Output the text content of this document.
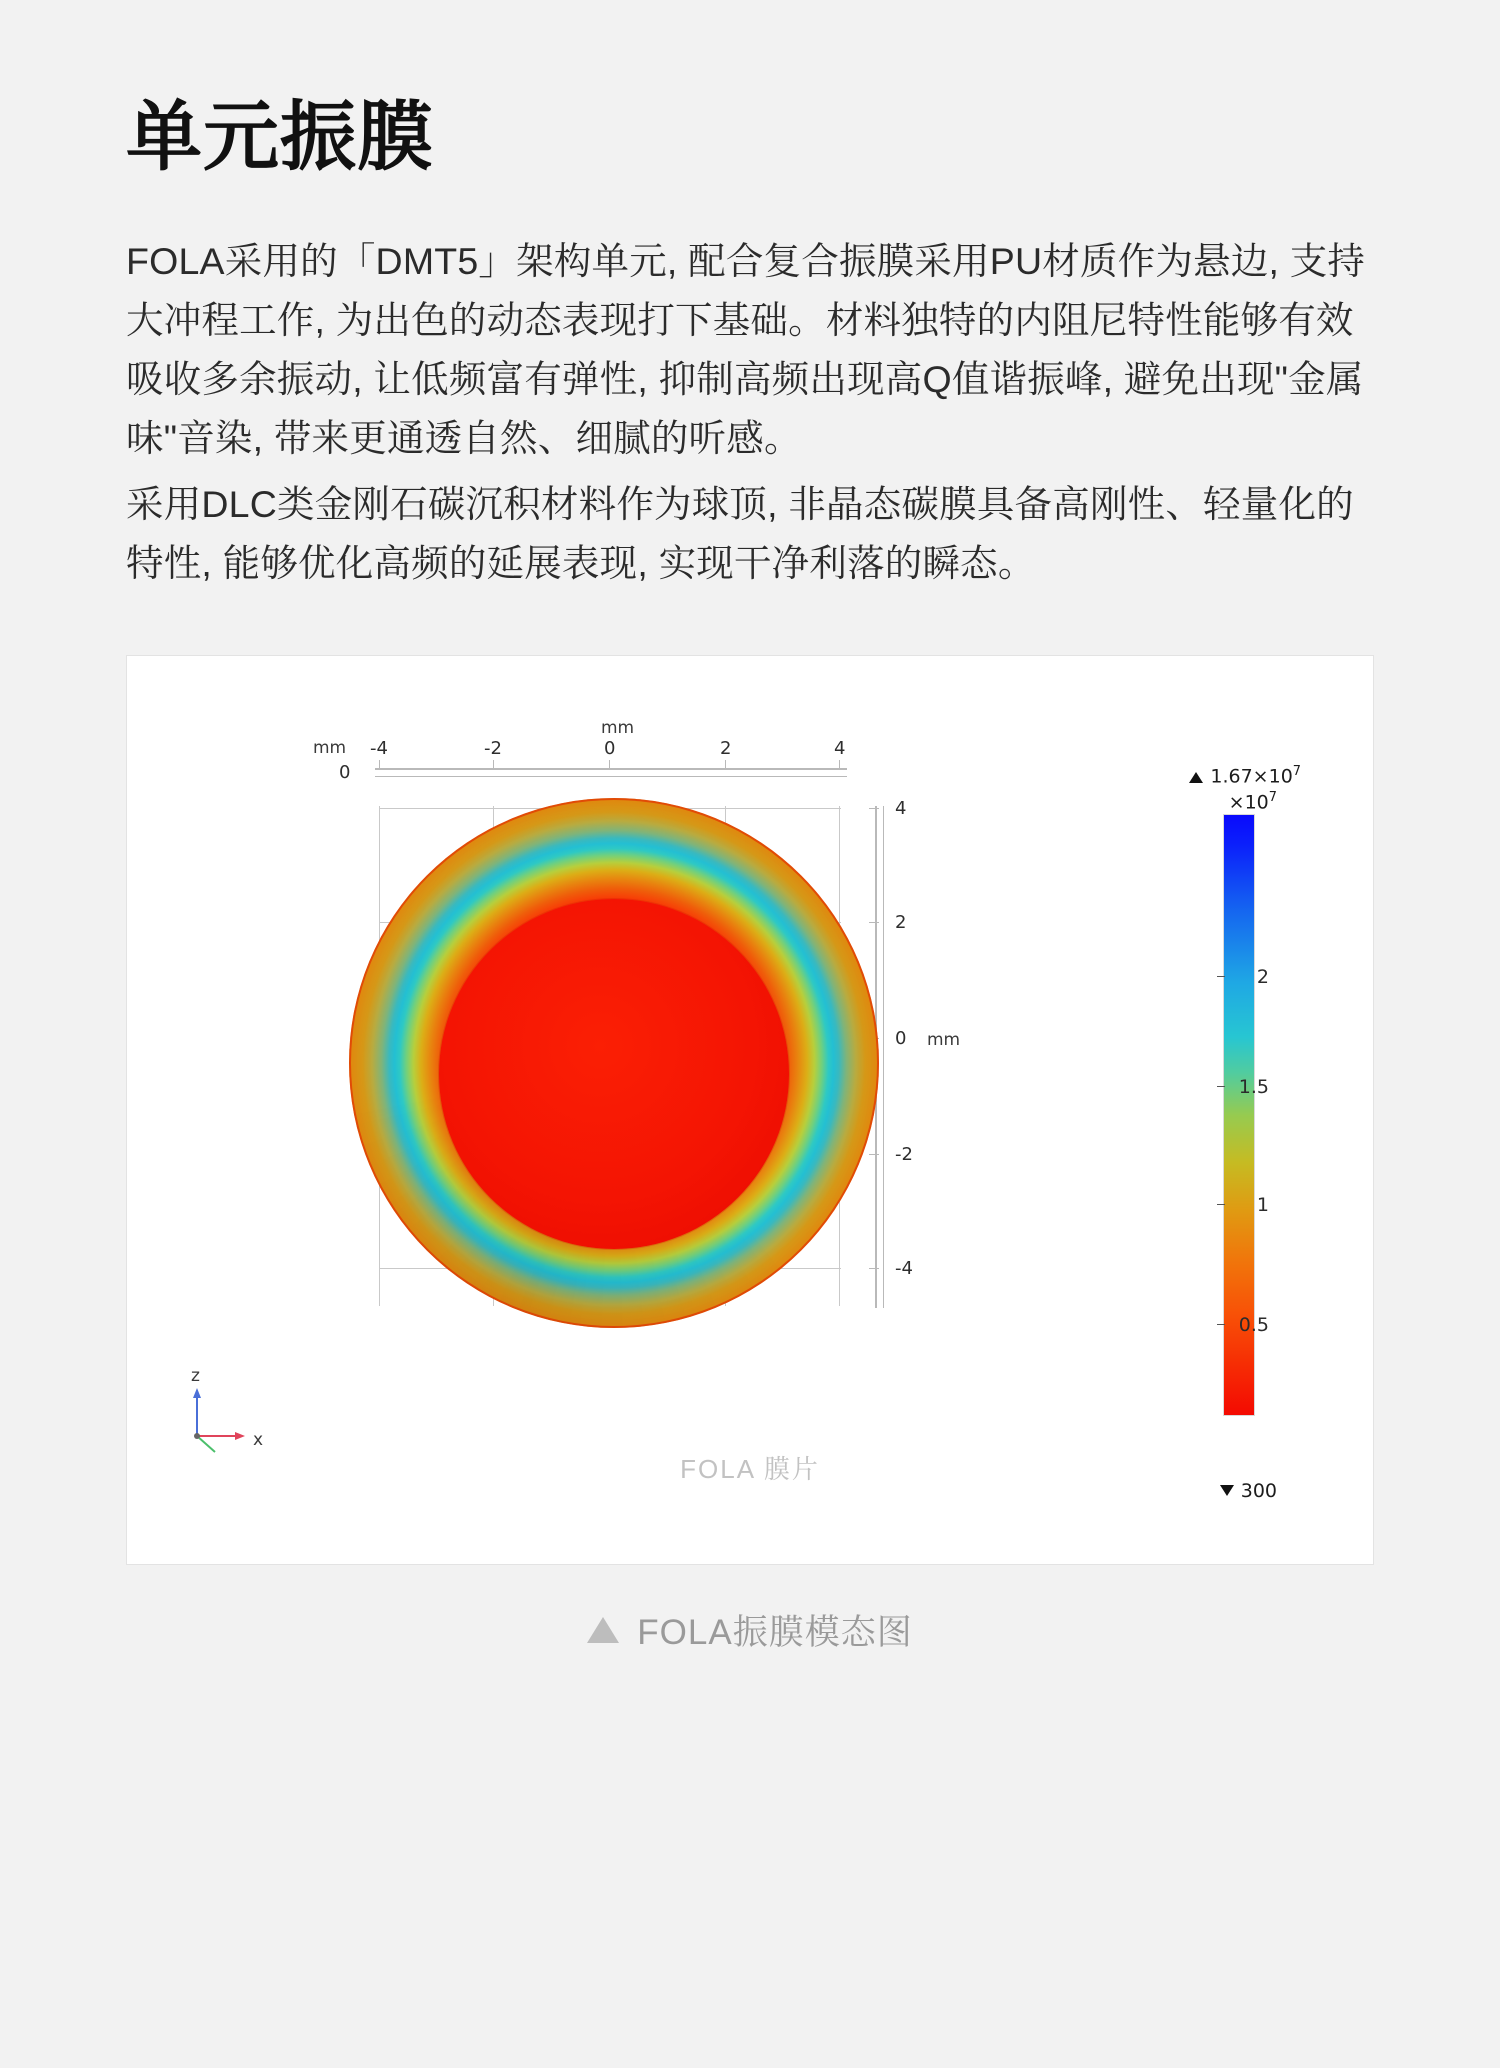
单元振膜

FOLA采用的「DMT5」架构单元, 配合复合振膜采用PU材质作为悬边, 支持大冲程工作, 为出色的动态表现打下基础。材料独特的内阻尼特性能够有效吸收多余振动, 让低频富有弹性, 抑制高频出现高Q值谐振峰, 避免出现"金属味"音染, 带来更通透自然、细腻的听感。

采用DLC类金刚石碳沉积材料作为球顶, 非晶态碳膜具备高刚性、轻量化的特性, 能够优化高频的延展表现, 实现干净利落的瞬态。

mm
mm
0
-4	-2	0	2	4
4
2
0
-2
-4
mm
FOLA 膜片
z
x
$1.67\times 10^7$
$\times 10^7$
2
1.5
1
0.5
300
FOLA振膜模态图
